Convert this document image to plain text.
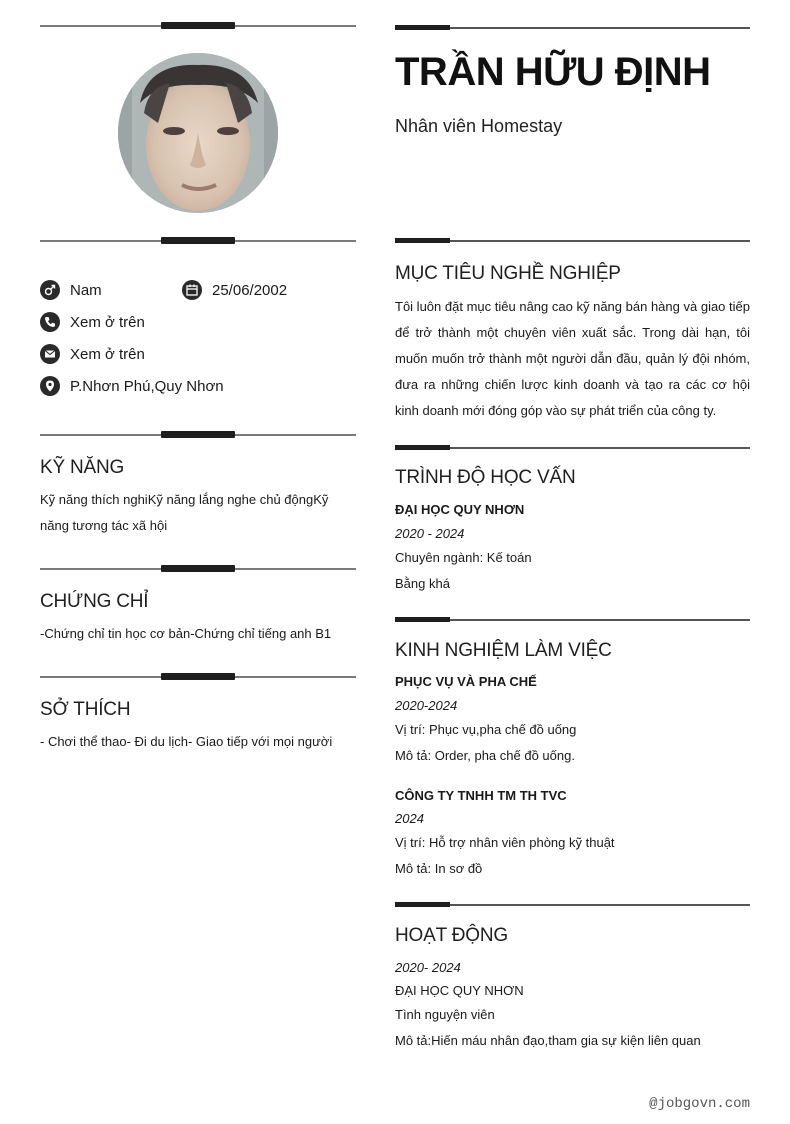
Nam	25/06/2002
Xem ở trên
Xem ở trên
P.Nhơn Phú,Quy Nhơn
KỸ NĂNG
Kỹ năng thích nghiKỹ năng lắng nghe chủ độngKỹ năng tương tác xã hội
CHỨNG CHỈ
-Chứng chỉ tin học cơ bản-Chứng chỉ tiếng anh B1
SỞ THÍCH
- Chơi thể thao- Đi du lịch- Giao tiếp với mọi người
TRẦN HỮU ĐỊNH
Nhân viên Homestay
MỤC TIÊU NGHỀ NGHIỆP
Tôi luôn đặt mục tiêu nâng cao kỹ năng bán hàng và giao tiếp để trở thành một chuyên viên xuất sắc. Trong dài hạn, tôi muốn muốn trở thành một người dẫn đầu, quản lý đội nhóm, đưa ra những chiến lược kinh doanh và tạo ra các cơ hội kinh doanh mới đóng góp vào sự phát triển của công ty.
TRÌNH ĐỘ HỌC VẤN
ĐẠI HỌC QUY NHƠN
2020 - 2024
Chuyên ngành: Kế toán
Bằng khá
KINH NGHIỆM LÀM VIỆC
PHỤC VỤ VÀ PHA CHẾ
2020-2024
Vị trí: Phục vụ,pha chế đồ uống
Mô tả: Order, pha chế đồ uống.
CÔNG TY TNHH TM TH TVC
2024
Vị trí: Hỗ trợ nhân viên phòng kỹ thuật
Mô tả: In sơ đồ
HOẠT ĐỘNG
2020- 2024
ĐẠI HỌC QUY NHƠN
Tình nguyện viên
Mô tả:Hiến máu nhân đạo,tham gia sự kiện liên quan
@jobgovn.com
